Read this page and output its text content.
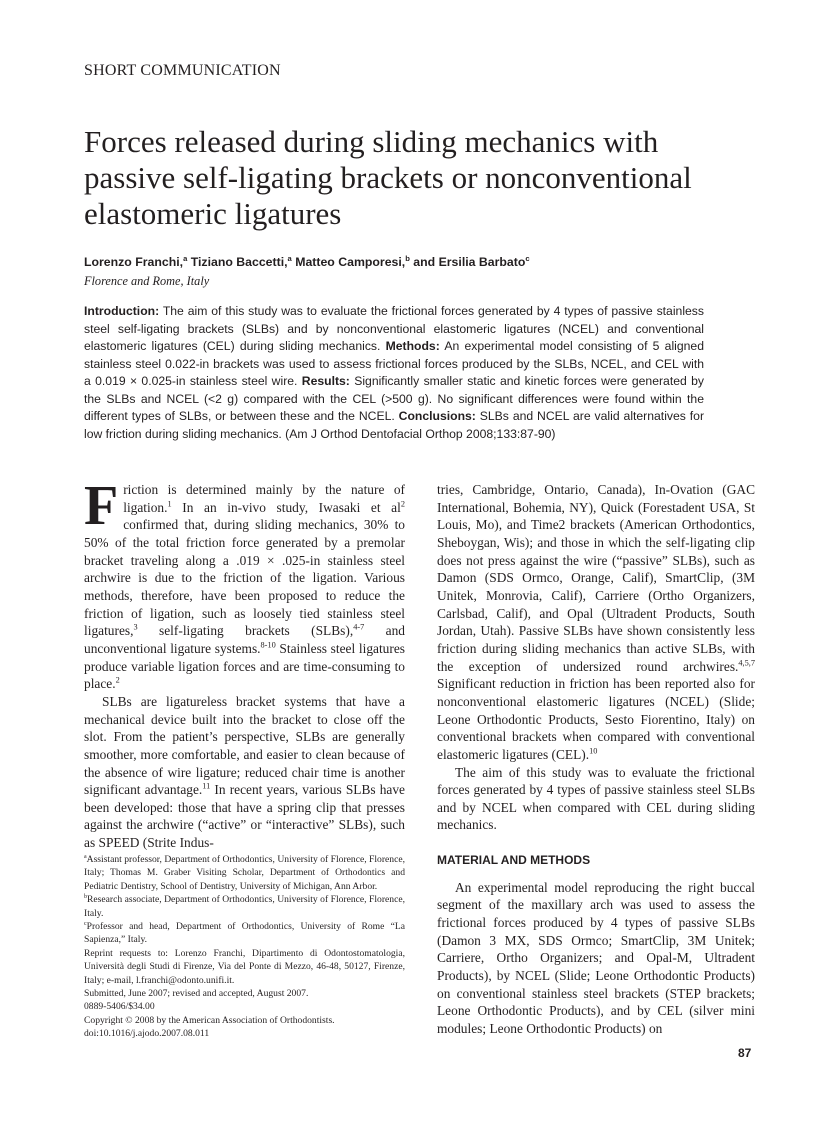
SHORT COMMUNICATION
Forces released during sliding mechanics with passive self-ligating brackets or nonconventional elastomeric ligatures
Lorenzo Franchi,$^a$ Tiziano Baccetti,$^a$ Matteo Camporesi,$^b$ and Ersilia Barbato$^c$
Florence and Rome, Italy
Introduction: The aim of this study was to evaluate the frictional forces generated by 4 types of passive stainless steel self-ligating brackets (SLBs) and by nonconventional elastomeric ligatures (NCEL) and conventional elastomeric ligatures (CEL) during sliding mechanics. Methods: An experimental model consisting of 5 aligned stainless steel 0.022-in brackets was used to assess frictional forces produced by the SLBs, NCEL, and CEL with a 0.019 × 0.025-in stainless steel wire. Results: Significantly smaller static and kinetic forces were generated by the SLBs and NCEL (<2 g) compared with the CEL (>500 g). No significant differences were found within the different types of SLBs, or between these and the NCEL. Conclusions: SLBs and NCEL are valid alternatives for low friction during sliding mechanics. (Am J Orthod Dentofacial Orthop 2008;133:87-90)
F riction is determined mainly by the nature of ligation.$^1$ In an in-vivo study, Iwasaki et $al^2$ confirmed that, during sliding mechanics, 30% to 50% of the total friction force generated by a premolar bracket traveling along a .019 × .025-in stainless steel archwire is due to the friction of the ligation. Various methods, therefore, have been proposed to reduce the friction of ligation, such as loosely tied stainless steel ligatures,$^3$ self-ligating brackets (SLBs),$^{4-7}$ and unconventional ligature systems.$^{8-10}$ Stainless steel ligatures produce variable ligation forces and are time-consuming to place.$^2$

SLBs are ligatureless bracket systems that have a mechanical device built into the bracket to close off the slot. From the patient’s perspective, SLBs are generally smoother, more comfortable, and easier to clean because of the absence of wire ligature; reduced chair time is another significant advantage.$^{11}$ In recent years, various SLBs have been developed: those that have a spring clip that presses against the archwire (“active” or “interactive” SLBs), such as SPEED (Strite Indus-

tries, Cambridge, Ontario, Canada), In-Ovation (GAC International, Bohemia, NY), Quick (Forestadent USA, St Louis, Mo), and Time2 brackets (American Orthodontics, Sheboygan, Wis); and those in which the self-ligating clip does not press against the wire (“passive” SLBs), such as Damon (SDS Ormco, Orange, Calif), SmartClip, (3M Unitek, Monrovia, Calif), Carriere (Ortho Organizers, Carlsbad, Calif), and Opal (Ultradent Products, South Jordan, Utah). Passive SLBs have shown consistently less friction during sliding mechanics than active SLBs, with the exception of undersized round archwires.$^{4,5,7}$ Significant reduction in friction has been reported also for nonconventional elastomeric ligatures (NCEL) (Slide; Leone Orthodontic Products, Sesto Fiorentino, Italy) on conventional brackets when compared with conventional elastomeric ligatures (CEL).$^{10}$

The aim of this study was to evaluate the frictional forces generated by 4 types of passive stainless steel SLBs and by NCEL when compared with CEL during sliding mechanics.

MATERIAL AND METHODS

An experimental model reproducing the right buccal segment of the maxillary arch was used to assess the frictional forces produced by 4 types of passive SLBs (Damon 3 MX, SDS Ormco; SmartClip, 3M Unitek; Carriere, Ortho Organizers; and Opal-M, Ultradent Products), by NCEL (Slide; Leone Orthodontic Products) on conventional stainless steel brackets (STEP brackets; Leone Orthodontic Products), and by CEL (silver mini modules; Leone Orthodontic Products) on

$^a$Assistant professor, Department of Orthodontics, University of Florence, Florence, Italy; Thomas M. Graber Visiting Scholar, Department of Orthodontics and Pediatric Dentistry, School of Dentistry, University of Michigan, Ann Arbor.

$^b$Research associate, Department of Orthodontics, University of Florence, Florence, Italy.

$^c$Professor and head, Department of Orthodontics, University of Rome “La Sapienza,” Italy.

Reprint requests to: Lorenzo Franchi, Dipartimento di Odontostomatologia, Università degli Studi di Firenze, Via del Ponte di Mezzo, 46-48, 50127, Firenze, Italy; e-mail, l.franchi@odonto.unifi.it.

Submitted, June 2007; revised and accepted, August 2007.

0889-5406/$34.00

Copyright © 2008 by the American Association of Orthodontists.

doi:10.1016/j.ajodo.2007.08.011

87
